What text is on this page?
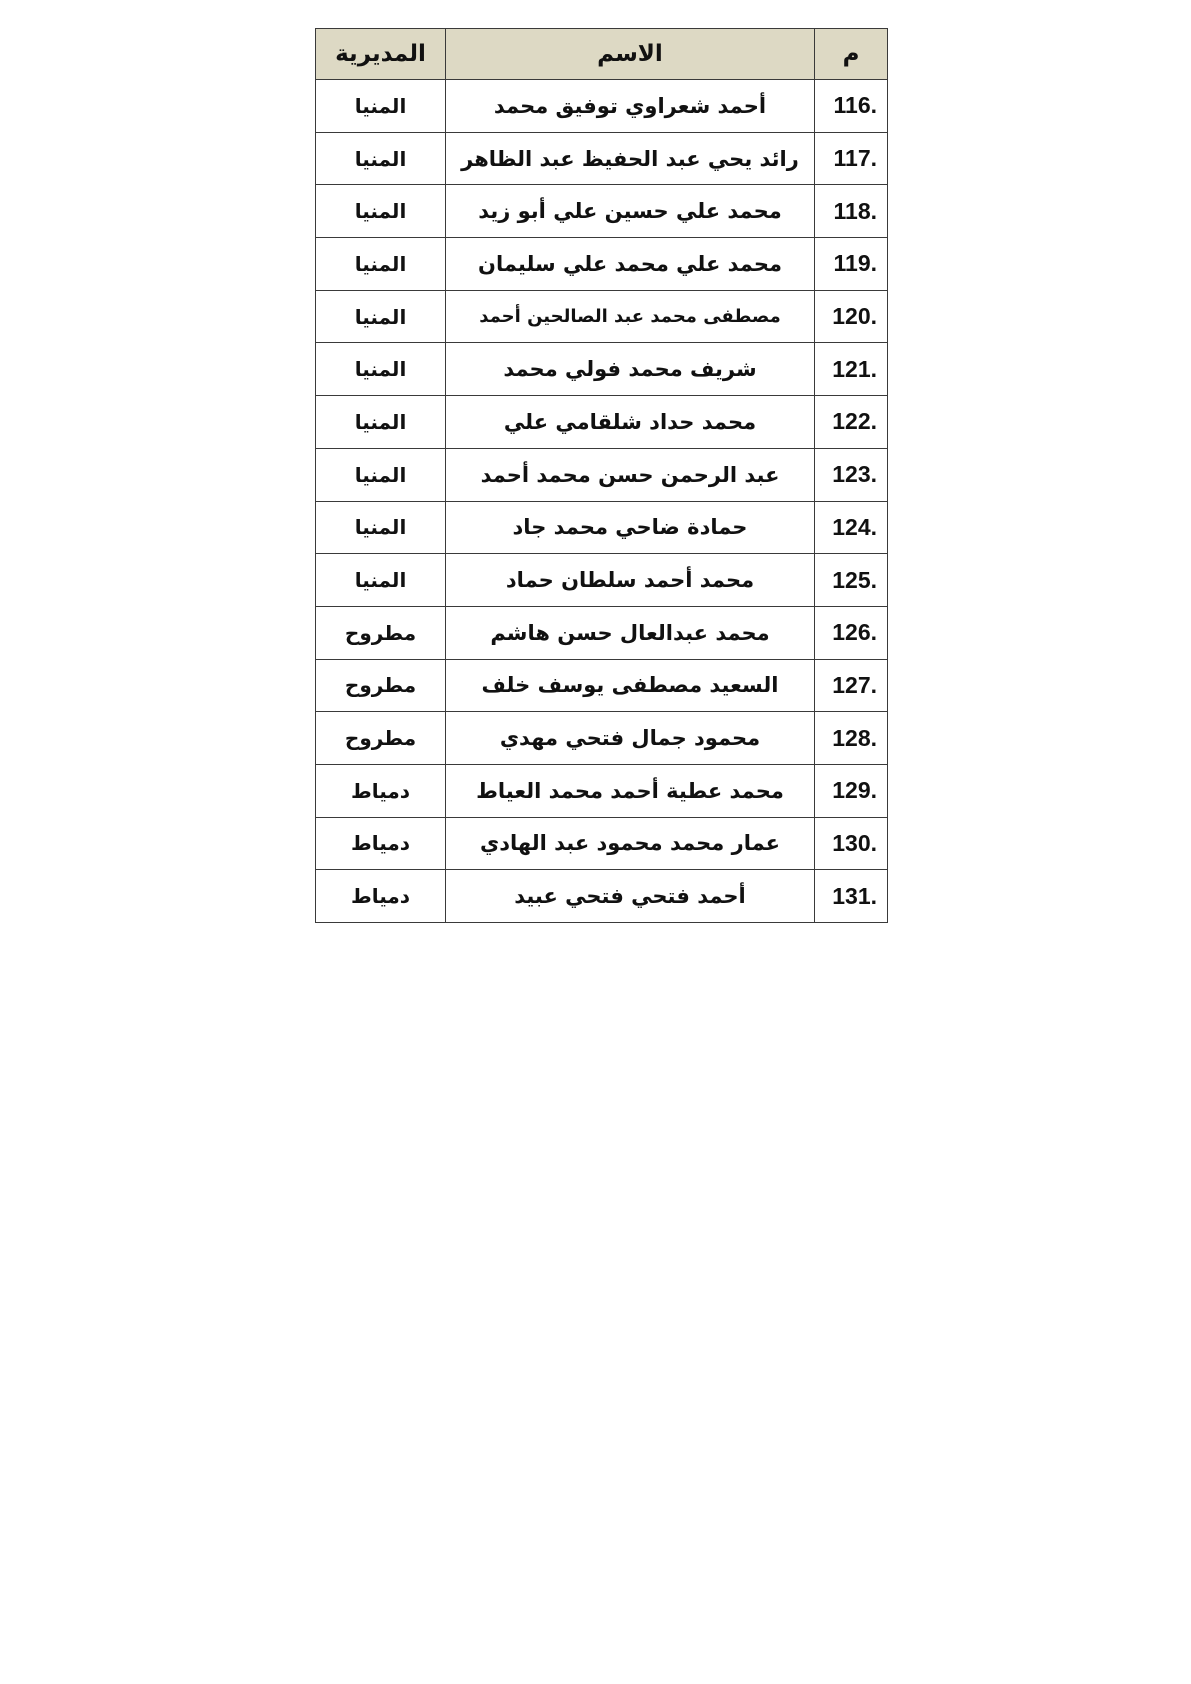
م	الاسم	المديرية
116.	أحمد شعراوي توفيق محمد	المنيا
117.	رائد يحي عبد الحفيظ عبد الظاهر	المنيا
118.	محمد علي حسين علي أبو زيد	المنيا
119.	محمد علي محمد علي سليمان	المنيا
120.	مصطفى محمد عبد الصالحين أحمد	المنيا
121.	شريف محمد فولي محمد	المنيا
122.	محمد حداد شلقامي علي	المنيا
123.	عبد الرحمن حسن محمد أحمد	المنيا
124.	حمادة ضاحي محمد جاد	المنيا
125.	محمد أحمد سلطان حماد	المنيا
126.	محمد عبدالعال حسن هاشم	مطروح
127.	السعيد مصطفى يوسف خلف	مطروح
128.	محمود جمال فتحي مهدي	مطروح
129.	محمد عطية أحمد محمد العياط	دمياط
130.	عمار محمد محمود عبد الهادي	دمياط
131.	أحمد فتحي فتحي عبيد	دمياط
